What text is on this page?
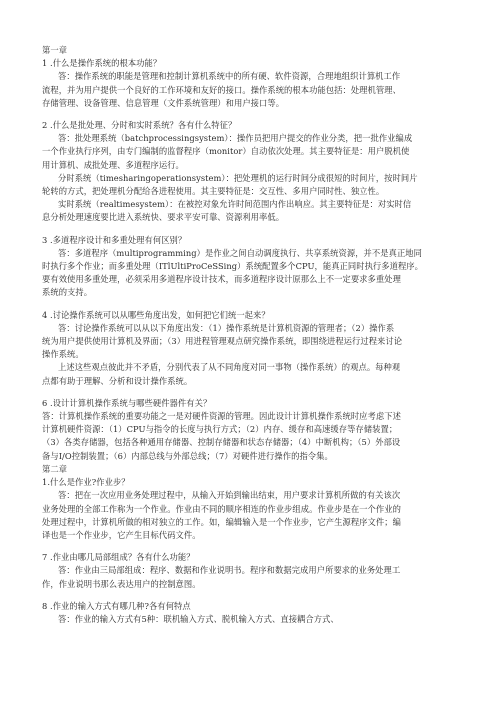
第一章
1 .什么是操作系统的根本功能？
答：操作系统的职能是管理和控制计算机系统中的所有硬、软件资源，合理地组织计算机工作
流程，并为用户提供一个良好的工作环境和友好的接口。操作系统的根本功能包括：处理机管理、
存储管理、设备管理、信息管理（文件系统管理）和用户接口等。
2 .什么是批处理、分时和实时系统？各有什么特征？
答：批处理系统（batchprocessingsystem）：操作员把用户提交的作业分类，把一批作业编成
一个作业执行序列，由专门编制的监督程序（monitor）自动依次处理。其主要特征是：用户脱机使
用计算机、成批处理、多道程序运行。
分时系统（timesharingoperationsystem）：把处理机的运行时间分成很短的时间片，按时间片
轮转的方式，把处理机分配给各进程使用。其主要特征是：交互性、多用户同时性、独立性。
实时系统（realtimesystem）：在被控对象允许时间范围内作出响应。其主要特征是：对实时信
息分析处理速度要比进入系统快、要求平安可靠、资源利用率低。
3 .多道程序设计和多重处理有何区别？
答：多道程序（multiprogramming）是作业之间自动调度执行、共享系统资源，并不是真正地同
时执行多个作业；而多重处理（ITlUltiProCeSSing）系统配置多个CPU，能真正同时执行多道程序。
要有效使用多重处理，必须采用多道程序设计技术，而多道程序设计原那么上不一定要求多重处理
系统的支持。
4 .讨论操作系统可以从哪些角度出发，如何把它们统一起来？
答：讨论操作系统可以从以下角度出发：（1）操作系统是计算机资源的管理者；（2）操作系
统为用户提供使用计算机及界面；（3）用进程管理观点研究操作系统，即围绕进程运行过程来讨论
操作系统。
上述这些观点彼此并不矛盾，分别代表了从不同角度对同一事物（操作系统）的观点。每种观
点都有助于理解、分析和设计操作系统。
6 .设计计算机操作系统与哪些硬件器件有关？
答：计算机操作系统的重要功能之一是对硬件资源的管理。因此设计计算机操作系统时应考虑下述
计算机硬件资源：（1）CPU与指令的长度与执行方式；（2）内存、缓存和高速缓存等存储装置；
（3）各类存储器，包括各种通用存储器、控制存储器和状态存储器；（4）中断机构；（5）外部设
备与I/O控制装置；（6）内部总线与外部总线；（7）对硬件进行操作的指令集。
第二章
1.什么是作业?作业步？
答：把在一次应用业务处理过程中，从输入开始到输出结束，用户要求计算机所做的有关该次
业务处理的全部工作称为一个作业。作业由不同的顺序相连的作业步组成。作业步是在一个作业的
处理过程中，计算机所做的相对独立的工作。如，编辑输入是一个作业步，它产生源程序文件；编
译也是一个作业步，它产生目标代码文件。
7 .作业由哪几局部组成？各有什么功能？
答：作业由三局部组成：程序、数据和作业说明书。程序和数据完成用户所要求的业务处理工
作，作业说明书那么表达用户的控制意图。
8 .作业的输入方式有哪几种?各有何特点
答：作业的输入方式有5种：联机输入方式、脱机输入方式、直接耦合方式、
